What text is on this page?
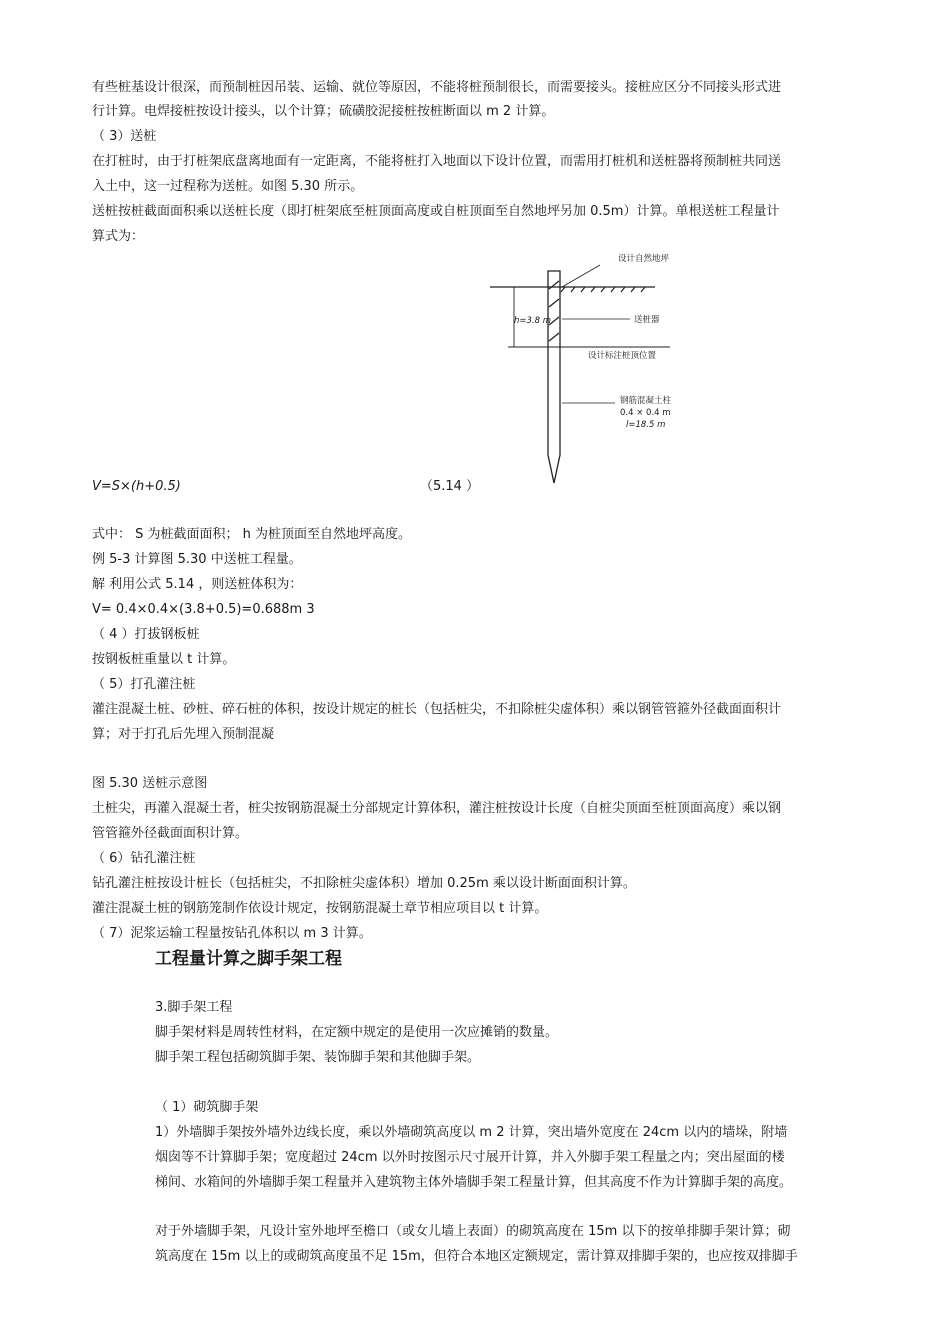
有些桩基设计很深，而预制桩因吊装、运输、就位等原因，不能将桩预制很长，而需要接头。接桩应区分不同接头形式进
行计算。电焊接桩按设计接头，以个计算；硫磺胶泥接桩按桩断面以 m 2 计算。
（ 3）送桩
在打桩时，由于打桩架底盘离地面有一定距离，不能将桩打入地面以下设计位置，而需用打桩机和送桩器将预制桩共同送
入土中，这一过程称为送桩。如图 5.30 所示。
送桩按桩截面面积乘以送桩长度（即打桩架底至桩顶面高度或自桩顶面至自然地坪另加 0.5m）计算。单根送桩工程量计
算式为：
设计自然地坪
送桩器
设计标注桩顶位置
钢筋混凝土柱
0.4 × 0.4 m
l=18.5 m
h=3.8 m
V=S×(h+0.5)	（5.14 ）
式中： S 为桩截面面积； h 为桩顶面至自然地坪高度。
例 5-3 计算图 5.30 中送桩工程量。
解 利用公式 5.14 ，则送桩体积为：
V= 0.4×0.4×(3.8+0.5)=0.688m 3
（ 4 ）打拔钢板桩
按钢板桩重量以 t 计算。
（ 5）打孔灌注桩
灌注混凝土桩、砂桩、碎石桩的体积，按设计规定的桩长（包括桩尖，不扣除桩尖虚体积）乘以钢管管箍外径截面面积计
算；对于打孔后先埋入预制混凝
图 5.30 送桩示意图
土桩尖，再灌入混凝土者，桩尖按钢筋混凝土分部规定计算体积，灌注桩按设计长度（自桩尖顶面至桩顶面高度）乘以钢
管管箍外径截面面积计算。
（ 6）钻孔灌注桩
钻孔灌注桩按设计桩长（包括桩尖，不扣除桩尖虚体积）增加 0.25m 乘以设计断面面积计算。
灌注混凝土桩的钢筋笼制作依设计规定，按钢筋混凝土章节相应项目以 t 计算。
（ 7）泥浆运输工程量按钻孔体积以 m 3 计算。
工程量计算之脚手架工程
3.脚手架工程
脚手架材料是周转性材料，在定额中规定的是使用一次应摊销的数量。
脚手架工程包括砌筑脚手架、装饰脚手架和其他脚手架。
（ 1）砌筑脚手架
1）外墙脚手架按外墙外边线长度，乘以外墙砌筑高度以 m 2 计算，突出墙外宽度在 24cm 以内的墙垛，附墙
烟囱等不计算脚手架；宽度超过 24cm 以外时按图示尺寸展开计算，并入外脚手架工程量之内；突出屋面的楼
梯间、水箱间的外墙脚手架工程量并入建筑物主体外墙脚手架工程量计算，但其高度不作为计算脚手架的高度。
对于外墙脚手架，凡设计室外地坪至檐口（或女儿墙上表面）的砌筑高度在 15m 以下的按单排脚手架计算；砌
筑高度在 15m 以上的或砌筑高度虽不足 15m，但符合本地区定额规定，需计算双排脚手架的，也应按双排脚手
